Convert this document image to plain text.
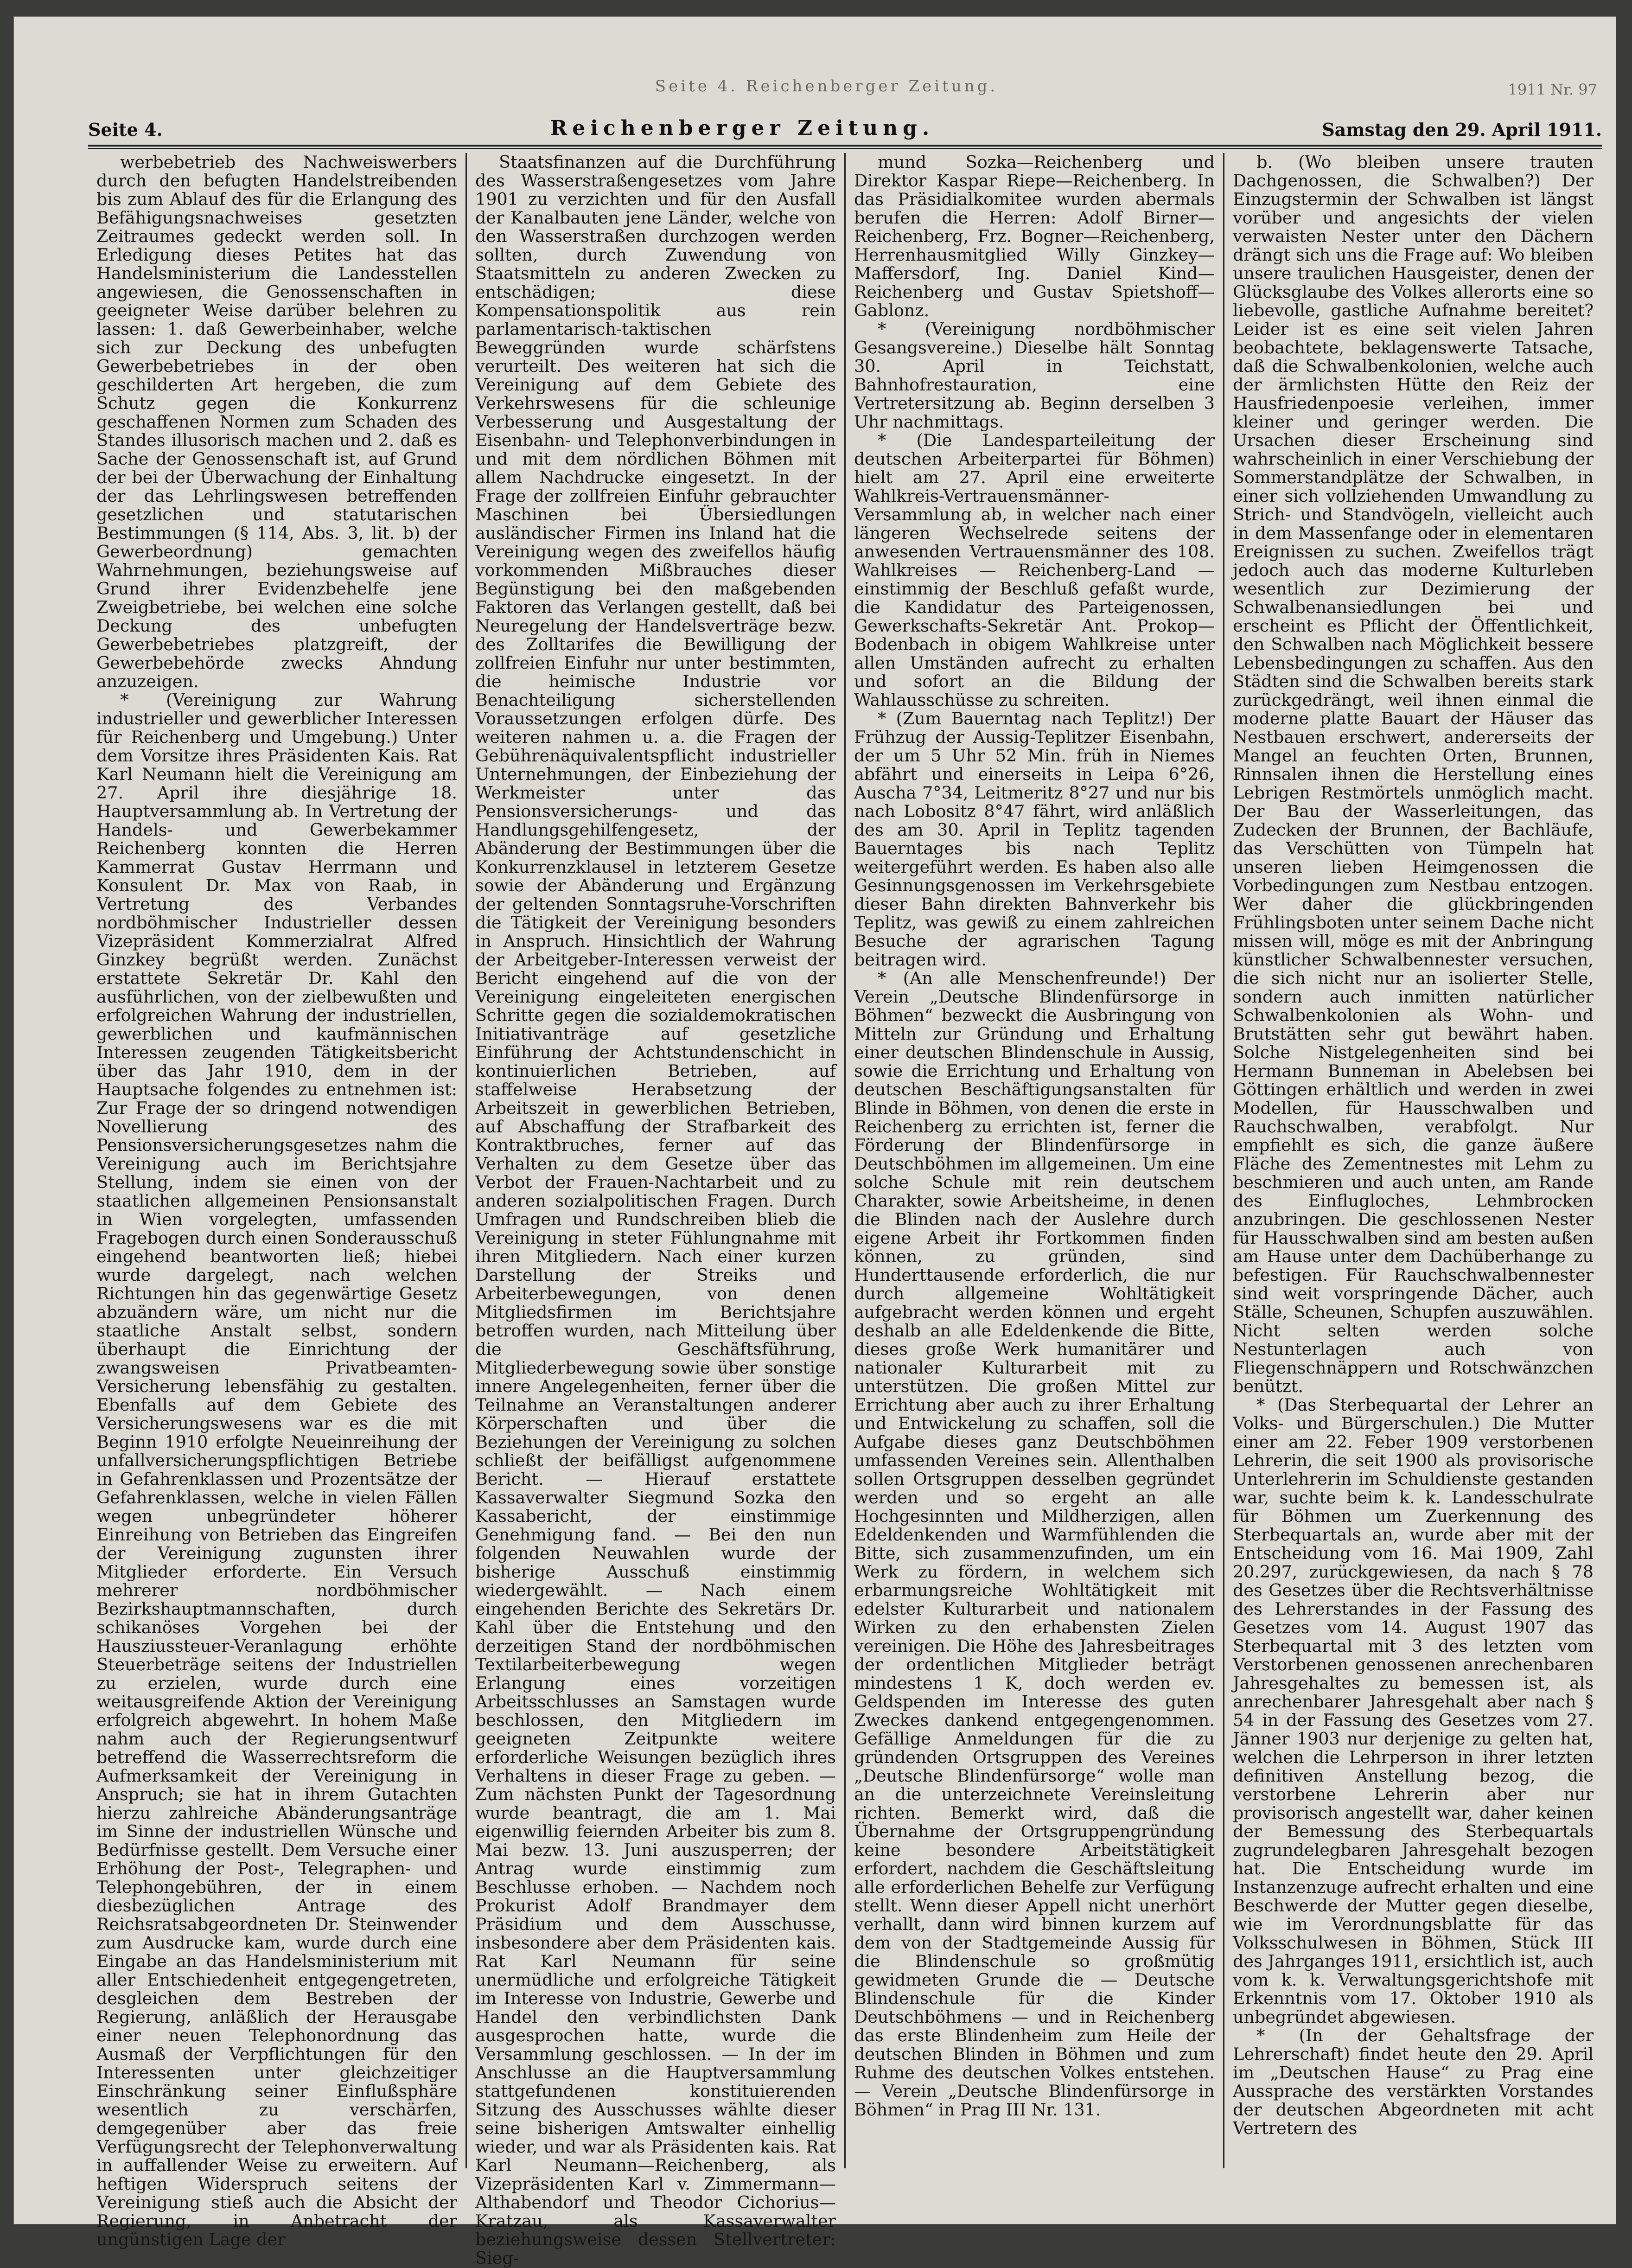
Seite 4. Reichenberger Zeitung.	1911 Nr. 97
Seite 4.	Reichenberger Zeitung.	Samstag den 29. April 1911.

werbebetrieb des Nachweiswerbers durch den befugten Handelstreibenden bis zum Ablauf des für die Erlangung des Befähigungsnachweises gesetzten Zeitraumes gedeckt werden soll. In Erledigung dieses Petites hat das Handelsministerium die Landesstellen angewiesen, die Genossenschaften in geeigneter Weise darüber belehren zu lassen: 1. daß Gewerbeinhaber, welche sich zur Deckung des unbefugten Gewerbebetriebes in der oben geschilderten Art hergeben, die zum Schutz gegen die Konkurrenz geschaffenen Normen zum Schaden des Standes illusorisch machen und 2. daß es Sache der Genossenschaft ist, auf Grund der bei der Überwachung der Einhaltung der das Lehrlingswesen betreffenden gesetzlichen und statutarischen Bestimmungen (§ 114, Abs. 3, lit. b) der Gewerbeordnung) gemachten Wahrnehmungen, beziehungsweise auf Grund ihrer Evidenzbehelfe jene Zweigbetriebe, bei welchen eine solche Deckung des unbefugten Gewerbebetriebes platzgreift, der Gewerbebehörde zwecks Ahndung anzuzeigen.

* (Vereinigung zur Wahrung industrieller und gewerblicher Interessen für Reichenberg und Umgebung.) Unter dem Vorsitze ihres Präsidenten Kais. Rat Karl Neumann hielt die Vereinigung am 27. April ihre diesjährige 18. Hauptversammlung ab. In Vertretung der Handels- und Gewerbekammer Reichenberg konnten die Herren Kammerrat Gustav Herrmann und Konsulent Dr. Max von Raab, in Vertretung des Verbandes nordböhmischer Industrieller dessen Vizepräsident Kommerzialrat Alfred Ginzkey begrüßt werden. Zunächst erstattete Sekretär Dr. Kahl den ausführlichen, von der zielbewußten und erfolgreichen Wahrung der industriellen, gewerblichen und kaufmännischen Interessen zeugenden Tätigkeitsbericht über das Jahr 1910, dem in der Hauptsache folgendes zu entnehmen ist: Zur Frage der so dringend notwendigen Novellierung des Pensionsversicherungsgesetzes nahm die Vereinigung auch im Berichtsjahre Stellung, indem sie einen von der staatlichen allgemeinen Pensionsanstalt in Wien vorgelegten, umfassenden Fragebogen durch einen Sonderausschuß eingehend beantworten ließ; hiebei wurde dargelegt, nach welchen Richtungen hin das gegenwärtige Gesetz abzuändern wäre, um nicht nur die staatliche Anstalt selbst, sondern überhaupt die Einrichtung der zwangsweisen Privatbeamten-Versicherung lebensfähig zu gestalten. Ebenfalls auf dem Gebiete des Versicherungswesens war es die mit Beginn 1910 erfolgte Neueinreihung der unfallversicherungspflichtigen Betriebe in Gefahrenklassen und Prozentsätze der Gefahrenklassen, welche in vielen Fällen wegen unbegründeter höherer Einreihung von Betrieben das Eingreifen der Vereinigung zugunsten ihrer Mitglieder erforderte. Ein Versuch mehrerer nordböhmischer Bezirkshauptmannschaften, durch schikanöses Vorgehen bei der Hausziussteuer-Veranlagung erhöhte Steuerbeträge seitens der Industriellen zu erzielen, wurde durch eine weitausgreifende Aktion der Vereinigung erfolgreich abgewehrt. In hohem Maße nahm auch der Regierungsentwurf betreffend die Wasserrechtsreform die Aufmerksamkeit der Vereinigung in Anspruch; sie hat in ihrem Gutachten hierzu zahlreiche Abänderungsanträge im Sinne der industriellen Wünsche und Bedürfnisse gestellt. Dem Versuche einer Erhöhung der Post-, Telegraphen- und Telephongebühren, der in einem diesbezüglichen Antrage des Reichsratsabgeordneten Dr. Steinwender zum Ausdrucke kam, wurde durch eine Eingabe an das Handelsministerium mit aller Entschiedenheit entgegengetreten, desgleichen dem Bestreben der Regierung, anläßlich der Herausgabe einer neuen Telephonordnung das Ausmaß der Verpflichtungen für den Interessenten unter gleichzeitiger Einschränkung seiner Einflußsphäre wesentlich zu verschärfen, demgegenüber aber das freie Verfügungsrecht der Telephonverwaltung in auffallender Weise zu erweitern. Auf heftigen Widerspruch seitens der Vereinigung stieß auch die Absicht der Regierung, in Anbetracht der ungünstigen Lage der

Staatsfinanzen auf die Durchführung des Wasserstraßengesetzes vom Jahre 1901 zu verzichten und für den Ausfall der Kanalbauten jene Länder, welche von den Wasserstraßen durchzogen werden sollten, durch Zuwendung von Staatsmitteln zu anderen Zwecken zu entschädigen; diese Kompensationspolitik aus rein parlamentarisch-taktischen Beweggründen wurde schärfstens verurteilt. Des weiteren hat sich die Vereinigung auf dem Gebiete des Verkehrswesens für die schleunige Verbesserung und Ausgestaltung der Eisenbahn- und Telephonverbindungen in und mit dem nördlichen Böhmen mit allem Nachdrucke eingesetzt. In der Frage der zollfreien Einfuhr gebrauchter Maschinen bei Übersiedlungen ausländischer Firmen ins Inland hat die Vereinigung wegen des zweifellos häufig vorkommenden Mißbrauches dieser Begünstigung bei den maßgebenden Faktoren das Verlangen gestellt, daß bei Neuregelung der Handelsverträge bezw. des Zolltarifes die Bewilligung der zollfreien Einfuhr nur unter bestimmten, die heimische Industrie vor Benachteiligung sicherstellenden Voraussetzungen erfolgen dürfe. Des weiteren nahmen u. a. die Fragen der Gebührenäquivalentspflicht industrieller Unternehmungen, der Einbeziehung der Werkmeister unter das Pensionsversicherungs- und das Handlungsgehilfengesetz, der Abänderung der Bestimmungen über die Konkurrenzklausel in letzterem Gesetze sowie der Abänderung und Ergänzung der geltenden Sonntagsruhe-Vorschriften die Tätigkeit der Vereinigung besonders in Anspruch. Hinsichtlich der Wahrung der Arbeitgeber-Interessen verweist der Bericht eingehend auf die von der Vereinigung eingeleiteten energischen Schritte gegen die sozialdemokratischen Initiativanträge auf gesetzliche Einführung der Achtstundenschicht in kontinuierlichen Betrieben, auf staffelweise Herabsetzung der Arbeitszeit in gewerblichen Betrieben, auf Abschaffung der Strafbarkeit des Kontraktbruches, ferner auf das Verhalten zu dem Gesetze über das Verbot der Frauen-Nachtarbeit und zu anderen sozialpolitischen Fragen. Durch Umfragen und Rundschreiben blieb die Vereinigung in steter Fühlungnahme mit ihren Mitgliedern. Nach einer kurzen Darstellung der Streiks und Arbeiterbewegungen, von denen Mitgliedsfirmen im Berichtsjahre betroffen wurden, nach Mitteilung über die Geschäftsführung, Mitgliederbewegung sowie über sonstige innere Angelegenheiten, ferner über die Teilnahme an Veranstaltungen anderer Körperschaften und über die Beziehungen der Vereinigung zu solchen schließt der beifälligst aufgenommene Bericht. — Hierauf erstattete Kassaverwalter Siegmund Sozka den Kassabericht, der einstimmige Genehmigung fand. — Bei den nun folgenden Neuwahlen wurde der bisherige Ausschuß einstimmig wiedergewählt. — Nach einem eingehenden Berichte des Sekretärs Dr. Kahl über die Entstehung und den derzeitigen Stand der nordböhmischen Textilarbeiterbewegung wegen Erlangung eines vorzeitigen Arbeitsschlusses an Samstagen wurde beschlossen, den Mitgliedern im geeigneten Zeitpunkte weitere erforderliche Weisungen bezüglich ihres Verhaltens in dieser Frage zu geben. — Zum nächsten Punkt der Tagesordnung wurde beantragt, die am 1. Mai eigenwillig feiernden Arbeiter bis zum 8. Mai bezw. 13. Juni auszusperren; der Antrag wurde einstimmig zum Beschlusse erhoben. — Nachdem noch Prokurist Adolf Brandmayer dem Präsidium und dem Ausschusse, insbesondere aber dem Präsidenten kais. Rat Karl Neumann für seine unermüdliche und erfolgreiche Tätigkeit im Interesse von Industrie, Gewerbe und Handel den verbindlichsten Dank ausgesprochen hatte, wurde die Versammlung geschlossen. — In der im Anschlusse an die Hauptversammlung stattgefundenen konstituierenden Sitzung des Ausschusses wählte dieser seine bisherigen Amtswalter einhellig wieder, und war als Präsidenten kais. Rat Karl Neumann—Reichenberg, als Vizepräsidenten Karl v. Zimmermann—Althabendorf und Theodor Cichorius—Kratzau, als Kassaverwalter beziehungsweise dessen Stellvertreter: Sieg-

mund Sozka—Reichenberg und Direktor Kaspar Riepe—Reichenberg. In das Präsidialkomitee wurden abermals berufen die Herren: Adolf Birner—Reichenberg, Frz. Bogner—Reichenberg, Herrenhausmitglied Willy Ginzkey—Maffersdorf, Ing. Daniel Kind—Reichenberg und Gustav Spietshoff—Gablonz.

* (Vereinigung nordböhmischer Gesangsvereine.) Dieselbe hält Sonntag 30. April in Teichstatt, Bahnhofrestauration, eine Vertretersitzung ab. Beginn derselben 3 Uhr nachmittags.

* (Die Landesparteileitung der deutschen Arbeiterpartei für Böhmen) hielt am 27. April eine erweiterte Wahlkreis-Vertrauensmänner-Versammlung ab, in welcher nach einer längeren Wechselrede seitens der anwesenden Vertrauensmänner des 108. Wahlkreises — Reichenberg-Land — einstimmig der Beschluß gefaßt wurde, die Kandidatur des Parteigenossen, Gewerkschafts-Sekretär Ant. Prokop—Bodenbach in obigem Wahlkreise unter allen Umständen aufrecht zu erhalten und sofort an die Bildung der Wahlausschüsse zu schreiten.

* (Zum Bauerntag nach Teplitz!) Der Frühzug der Aussig-Teplitzer Eisenbahn, der um 5 Uhr 52 Min. früh in Niemes abfährt und einerseits in Leipa 6°26, Auscha 7°34, Leitmeritz 8°27 und nur bis nach Lobositz 8°47 fährt, wird anläßlich des am 30. April in Teplitz tagenden Bauerntages bis nach Teplitz weitergeführt werden. Es haben also alle Gesinnungsgenossen im Verkehrsgebiete dieser Bahn direkten Bahnverkehr bis Teplitz, was gewiß zu einem zahlreichen Besuche der agrarischen Tagung beitragen wird.

* (An alle Menschenfreunde!) Der Verein „Deutsche Blindenfürsorge in Böhmen“ bezweckt die Ausbringung von Mitteln zur Gründung und Erhaltung einer deutschen Blindenschule in Aussig, sowie die Errichtung und Erhaltung von deutschen Beschäftigungsanstalten für Blinde in Böhmen, von denen die erste in Reichenberg zu errichten ist, ferner die Förderung der Blindenfürsorge in Deutschböhmen im allgemeinen. Um eine solche Schule mit rein deutschem Charakter, sowie Arbeitsheime, in denen die Blinden nach der Auslehre durch eigene Arbeit ihr Fortkommen finden können, zu gründen, sind Hunderttausende erforderlich, die nur durch allgemeine Wohltätigkeit aufgebracht werden können und ergeht deshalb an alle Edeldenkende die Bitte, dieses große Werk humanitärer und nationaler Kulturarbeit mit zu unterstützen. Die großen Mittel zur Errichtung aber auch zu ihrer Erhaltung und Entwickelung zu schaffen, soll die Aufgabe dieses ganz Deutschböhmen umfassenden Vereines sein. Allenthalben sollen Ortsgruppen desselben gegründet werden und so ergeht an alle Hochgesinnten und Mildherzigen, allen Edeldenkenden und Warmfühlenden die Bitte, sich zusammenzufinden, um ein Werk zu fördern, in welchem sich erbarmungsreiche Wohltätigkeit mit edelster Kulturarbeit und nationalem Wirken zu den erhabensten Zielen vereinigen. Die Höhe des Jahresbeitrages der ordentlichen Mitglieder beträgt mindestens 1 K, doch werden ev. Geldspenden im Interesse des guten Zweckes dankend entgegengenommen. Gefällige Anmeldungen für die zu gründenden Ortsgruppen des Vereines „Deutsche Blindenfürsorge“ wolle man an die unterzeichnete Vereinsleitung richten. Bemerkt wird, daß die Übernahme der Ortsgruppengründung keine besondere Arbeitstätigkeit erfordert, nachdem die Geschäftsleitung alle erforderlichen Behelfe zur Verfügung stellt. Wenn dieser Appell nicht unerhört verhallt, dann wird binnen kurzem auf dem von der Stadtgemeinde Aussig für die Blindenschule so großmütig gewidmeten Grunde die — Deutsche Blindenschule für die Kinder Deutschböhmens — und in Reichenberg das erste Blindenheim zum Heile der deutschen Blinden in Böhmen und zum Ruhme des deutschen Volkes entstehen. — Verein „Deutsche Blindenfürsorge in Böhmen“ in Prag III Nr. 131.

b. (Wo bleiben unsere trauten Dachgenossen, die Schwalben?) Der Einzugstermin der Schwalben ist längst vorüber und angesichts der vielen verwaisten Nester unter den Dächern drängt sich uns die Frage auf: Wo bleiben unsere traulichen Hausgeister, denen der Glücksglaube des Volkes allerorts eine so liebevolle, gastliche Aufnahme bereitet? Leider ist es eine seit vielen Jahren beobachtete, beklagenswerte Tatsache, daß die Schwalbenkolonien, welche auch der ärmlichsten Hütte den Reiz der Hausfriedenpoesie verleihen, immer kleiner und geringer werden. Die Ursachen dieser Erscheinung sind wahrscheinlich in einer Verschiebung der Sommerstandplätze der Schwalben, in einer sich vollziehenden Umwandlung zu Strich- und Standvögeln, vielleicht auch in dem Massenfange oder in elementaren Ereignissen zu suchen. Zweifellos trägt jedoch auch das moderne Kulturleben wesentlich zur Dezimierung der Schwalbenansiedlungen bei und erscheint es Pflicht der Öffentlichkeit, den Schwalben nach Möglichkeit bessere Lebensbedingungen zu schaffen. Aus den Städten sind die Schwalben bereits stark zurückgedrängt, weil ihnen einmal die moderne platte Bauart der Häuser das Nestbauen erschwert, andererseits der Mangel an feuchten Orten, Brunnen, Rinnsalen ihnen die Herstellung eines Lebrigen Restmörtels unmöglich macht. Der Bau der Wasserleitungen, das Zudecken der Brunnen, der Bachläufe, das Verschütten von Tümpeln hat unseren lieben Heimgenossen die Vorbedingungen zum Nestbau entzogen. Wer daher die glückbringenden Frühlingsboten unter seinem Dache nicht missen will, möge es mit der Anbringung künstlicher Schwalbennester versuchen, die sich nicht nur an isolierter Stelle, sondern auch inmitten natürlicher Schwalbenkolonien als Wohn- und Brutstätten sehr gut bewährt haben. Solche Nistgelegenheiten sind bei Hermann Bunneman in Abelebsen bei Göttingen erhältlich und werden in zwei Modellen, für Hausschwalben und Rauchschwalben, verabfolgt. Nur empfiehlt es sich, die ganze äußere Fläche des Zementnestes mit Lehm zu beschmieren und auch unten, am Rande des Einflugloches, Lehmbrocken anzubringen. Die geschlossenen Nester für Hausschwalben sind am besten außen am Hause unter dem Dachüberhange zu befestigen. Für Rauchschwalbennester sind weit vorspringende Dächer, auch Ställe, Scheunen, Schupfen auszuwählen. Nicht selten werden solche Nestunterlagen auch von Fliegenschnäppern und Rotschwänzchen benützt.

* (Das Sterbequartal der Lehrer an Volks- und Bürgerschulen.) Die Mutter einer am 22. Feber 1909 verstorbenen Lehrerin, die seit 1900 als provisorische Unterlehrerin im Schuldienste gestanden war, suchte beim k. k. Landesschulrate für Böhmen um Zuerkennung des Sterbequartals an, wurde aber mit der Entscheidung vom 16. Mai 1909, Zahl 20.297, zurückgewiesen, da nach § 78 des Gesetzes über die Rechtsverhältnisse des Lehrerstandes in der Fassung des Gesetzes vom 14. August 1907 das Sterbequartal mit 3 des letzten vom Verstorbenen genossenen anrechenbaren Jahresgehaltes zu bemessen ist, als anrechenbarer Jahresgehalt aber nach § 54 in der Fassung des Gesetzes vom 27. Jänner 1903 nur derjenige zu gelten hat, welchen die Lehrperson in ihrer letzten definitiven Anstellung bezog, die verstorbene Lehrerin aber nur provisorisch angestellt war, daher keinen der Bemessung des Sterbequartals zugrundelegbaren Jahresgehalt bezogen hat. Die Entscheidung wurde im Instanzenzuge aufrecht erhalten und eine Beschwerde der Mutter gegen dieselbe, wie im Verordnungsblatte für das Volksschulwesen in Böhmen, Stück III des Jahrganges 1911, ersichtlich ist, auch vom k. k. Verwaltungsgerichtshofe mit Erkenntnis vom 17. Oktober 1910 als unbegründet abgewiesen.

* (In der Gehaltsfrage der Lehrerschaft) findet heute den 29. April im „Deutschen Hause“ zu Prag eine Aussprache des verstärkten Vorstandes der deutschen Abgeordneten mit acht Vertretern des
